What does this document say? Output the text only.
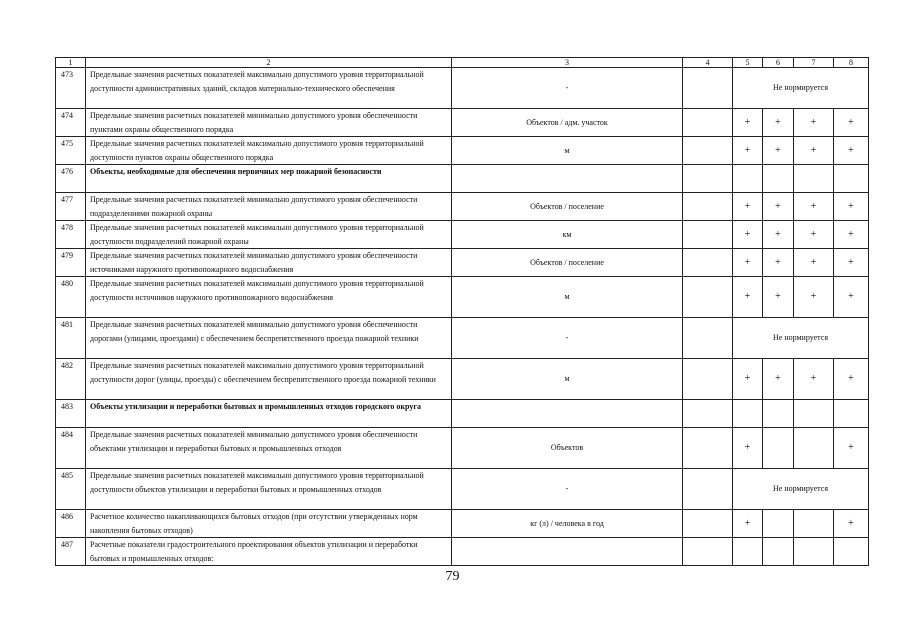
1	2	3	4	5	6	7	8
473	Предельные значения расчетных показателей максимально допустимого уровня территориальной доступности административных зданий, складов материально-технического обеспечения	-		Не нормируется			
474	Предельные значения расчетных показателей минимально допустимого уровня обеспеченности пунктами охраны общественного порядка	Объектов / адм. участок		+	+	+	+
475	Предельные значения расчетных показателей максимально допустимого уровня территориальной доступности пунктов охраны общественного порядка	м		+	+	+	+
476	Объекты, необходимые для обеспечения первичных мер пожарной безопасности						
477	Предельные значения расчетных показателей минимально допустимого уровня обеспеченности подразделениями пожарной охраны	Объектов / поселение		+	+	+	+
478	Предельные значения расчетных показателей максимально допустимого уровня территориальной доступности подразделений пожарной охраны	км		+	+	+	+
479	Предельные значения расчетных показателей минимально допустимого уровня обеспеченности источниками наружного противопожарного водоснабжения	Объектов / поселение		+	+	+	+
480	Предельные значения расчетных показателей максимально допустимого уровня территориальной доступности источников наружного противопожарного водоснабжения	м		+	+	+	+
481	Предельные значения расчетных показателей минимально допустимого уровня обеспеченности дорогами (улицами, проездами) с обеспечением беспрепятственного проезда пожарной техники	-		Не нормируется			
482	Предельные значения расчетных показателей максимально допустимого уровня территориальной доступности дорог (улицы, проезды) с обеспечением беспрепятственного проезда пожарной техники	м		+	+	+	+
483	Объекты утилизации и переработки бытовых и промышленных отходов городского округа						
484	Предельные значения расчетных показателей минимально допустимого уровня обеспеченности объектами утилизации и переработки бытовых и промышленных отходов	Объектов		+			+
485	Предельные значения расчетных показателей максимально допустимого уровня территориальной доступности объектов утилизации и переработки бытовых и промышленных отходов	-		Не нормируется			
486	Расчетное количество накапливающихся бытовых отходов (при отсутствии утвержденных норм накопления бытовых отходов)	кг (л) / человека в год		+			+
487	Расчетные показатели градостроительного проектирования объектов утилизации и переработки бытовых и промышленных отходов:						
79
